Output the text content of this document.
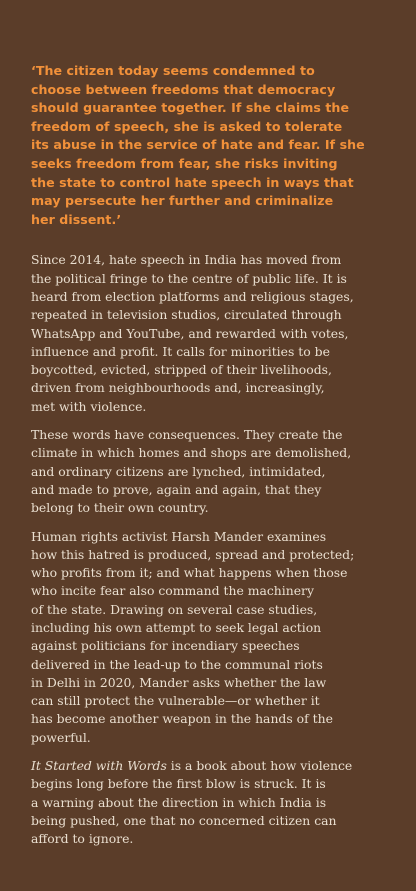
‘The citizen today seems condemned to
choose between freedoms that democracy
should guarantee together. If she claims the
freedom of speech, she is asked to tolerate
its abuse in the service of hate and fear. If she
seeks freedom from fear, she risks inviting
the state to control hate speech in ways that
may persecute her further and criminalize
her dissent.’

Since 2014, hate speech in India has moved from
the political fringe to the centre of public life. It is
heard from election platforms and religious stages,
repeated in television studios, circulated through
WhatsApp and YouTube, and rewarded with votes,
influence and profit. It calls for minorities to be
boycotted, evicted, stripped of their livelihoods,
driven from neighbourhoods and, increasingly,
met with violence.

These words have consequences. They create the
climate in which homes and shops are demolished,
and ordinary citizens are lynched, intimidated,
and made to prove, again and again, that they
belong to their own country.

Human rights activist Harsh Mander examines
how this hatred is produced, spread and protected;
who profits from it; and what happens when those
who incite fear also command the machinery
of the state. Drawing on several case studies,
including his own attempt to seek legal action
against politicians for incendiary speeches
delivered in the lead-up to the communal riots
in Delhi in 2020, Mander asks whether the law
can still protect the vulnerable—or whether it
has become another weapon in the hands of the
powerful.

It Started with Words is a book about how violence
begins long before the first blow is struck. It is
a warning about the direction in which India is
being pushed, one that no concerned citizen can
afford to ignore.
